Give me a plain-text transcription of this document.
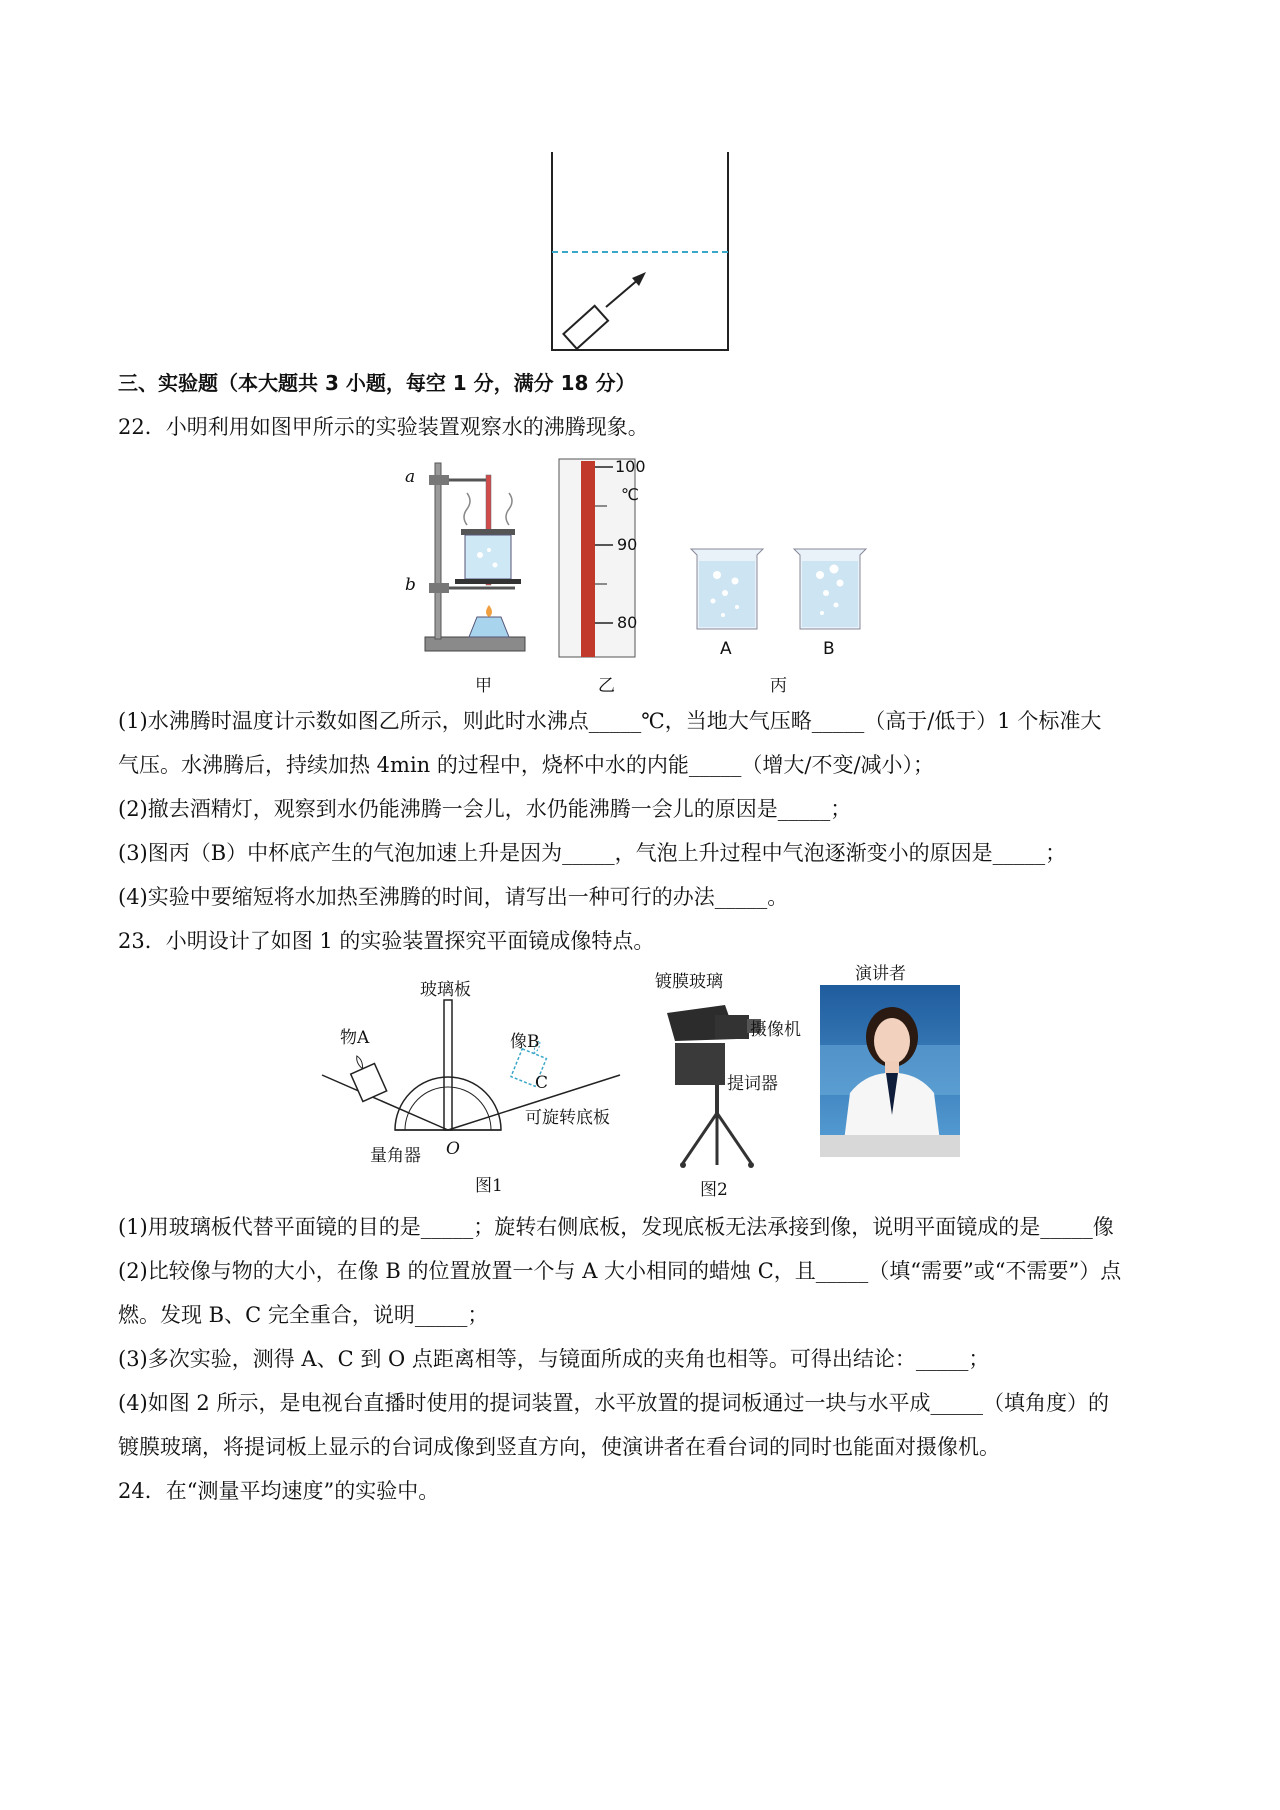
三、实验题（本大题共 3 小题，每空 1 分，满分 18 分）
22．小明利用如图甲所示的实验装置观察水的沸腾现象。
a
b
甲
100
℃
90
80
乙
A	B
丙
(1)水沸腾时温度计示数如图乙所示，则此时水沸点_____℃，当地大气压略_____（高于/低于）1 个标准大
气压。水沸腾后，持续加热 4min 的过程中，烧杯中水的内能_____（增大/不变/减小）；
(2)撤去酒精灯，观察到水仍能沸腾一会儿，水仍能沸腾一会儿的原因是_____；
(3)图丙（B）中杯底产生的气泡加速上升是因为_____，气泡上升过程中气泡逐渐变小的原因是_____；
(4)实验中要缩短将水加热至沸腾的时间，请写出一种可行的办法_____。
23．小明设计了如图 1 的实验装置探究平面镜成像特点。
玻璃板
物A	像B
C
可旋转底板
量角器 O
图1
镀膜玻璃
摄像机
提词器
演讲者
图2
(1)用玻璃板代替平面镜的目的是_____；旋转右侧底板，发现底板无法承接到像，说明平面镜成的是_____像
(2)比较像与物的大小，在像 B 的位置放置一个与 A 大小相同的蜡烛 C，且_____（填“需要”或“不需要”）点
燃。发现 B、C 完全重合，说明_____；
(3)多次实验，测得 A、C 到 O 点距离相等，与镜面所成的夹角也相等。可得出结论：_____；
(4)如图 2 所示，是电视台直播时使用的提词装置，水平放置的提词板通过一块与水平成_____（填角度）的
镀膜玻璃，将提词板上显示的台词成像到竖直方向，使演讲者在看台词的同时也能面对摄像机。
24．在“测量平均速度”的实验中。
